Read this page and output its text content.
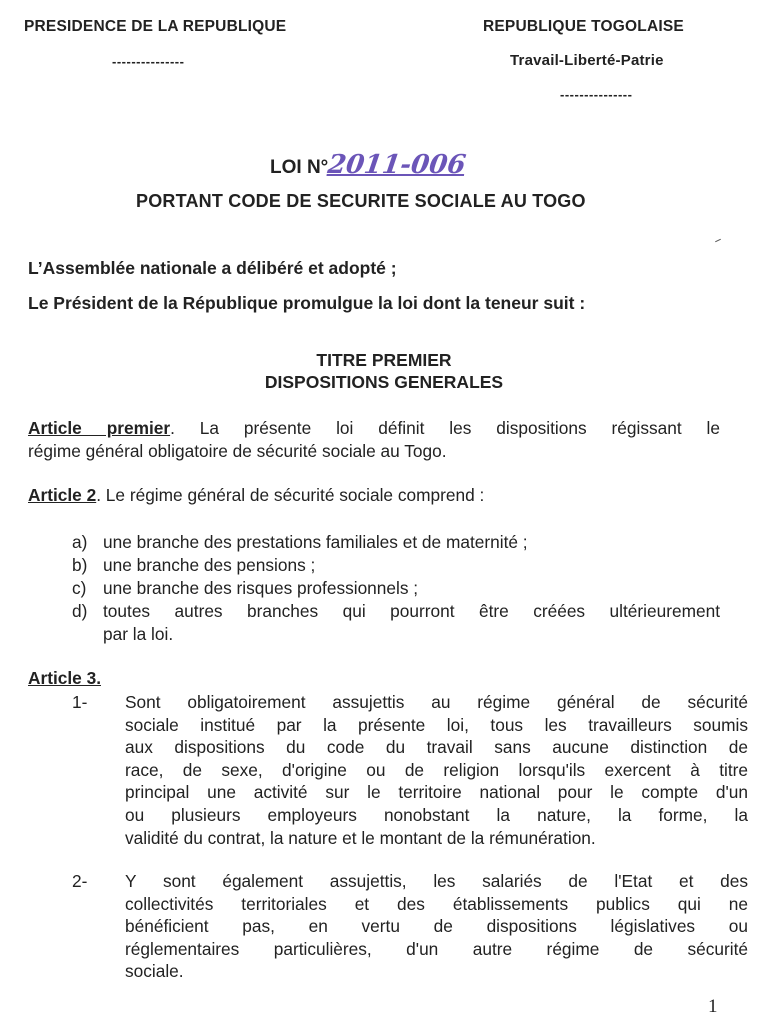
PRESIDENCE DE LA REPUBLIQUE
---------------
REPUBLIQUE TOGOLAISE
Travail-Liberté-Patrie
---------------
LOI N°2011-006
PORTANT CODE DE SECURITE SOCIALE AU TOGO
L’Assemblée nationale a délibéré et adopté ;
Le Président de la République promulgue la loi dont la teneur suit :
TITRE PREMIER
DISPOSITIONS GENERALES
Article premier. La présente loi définit les dispositions régissant le
régime général obligatoire de sécurité sociale au Togo.
Article 2. Le régime général de sécurité sociale comprend :
a) une branche des prestations familiales et de maternité ;
b) une branche des pensions ;
c) une branche des risques professionnels ;
d) toutes autres branches qui pourront être créées ultérieurement
par la loi.
Article 3.
1- Sont obligatoirement assujettis au régime général de sécurité
sociale institué par la présente loi, tous les travailleurs soumis
aux dispositions du code du travail sans aucune distinction de
race, de sexe, d'origine ou de religion lorsqu'ils exercent à titre
principal une activité sur le territoire national pour le compte d'un
ou plusieurs employeurs nonobstant la nature, la forme, la
validité du contrat, la nature et le montant de la rémunération.
2- Y sont également assujettis, les salariés de l'Etat et des
collectivités territoriales et des établissements publics qui ne
bénéficient pas, en vertu de dispositions législatives ou
réglementaires particulières, d'un autre régime de sécurité
sociale.
1
